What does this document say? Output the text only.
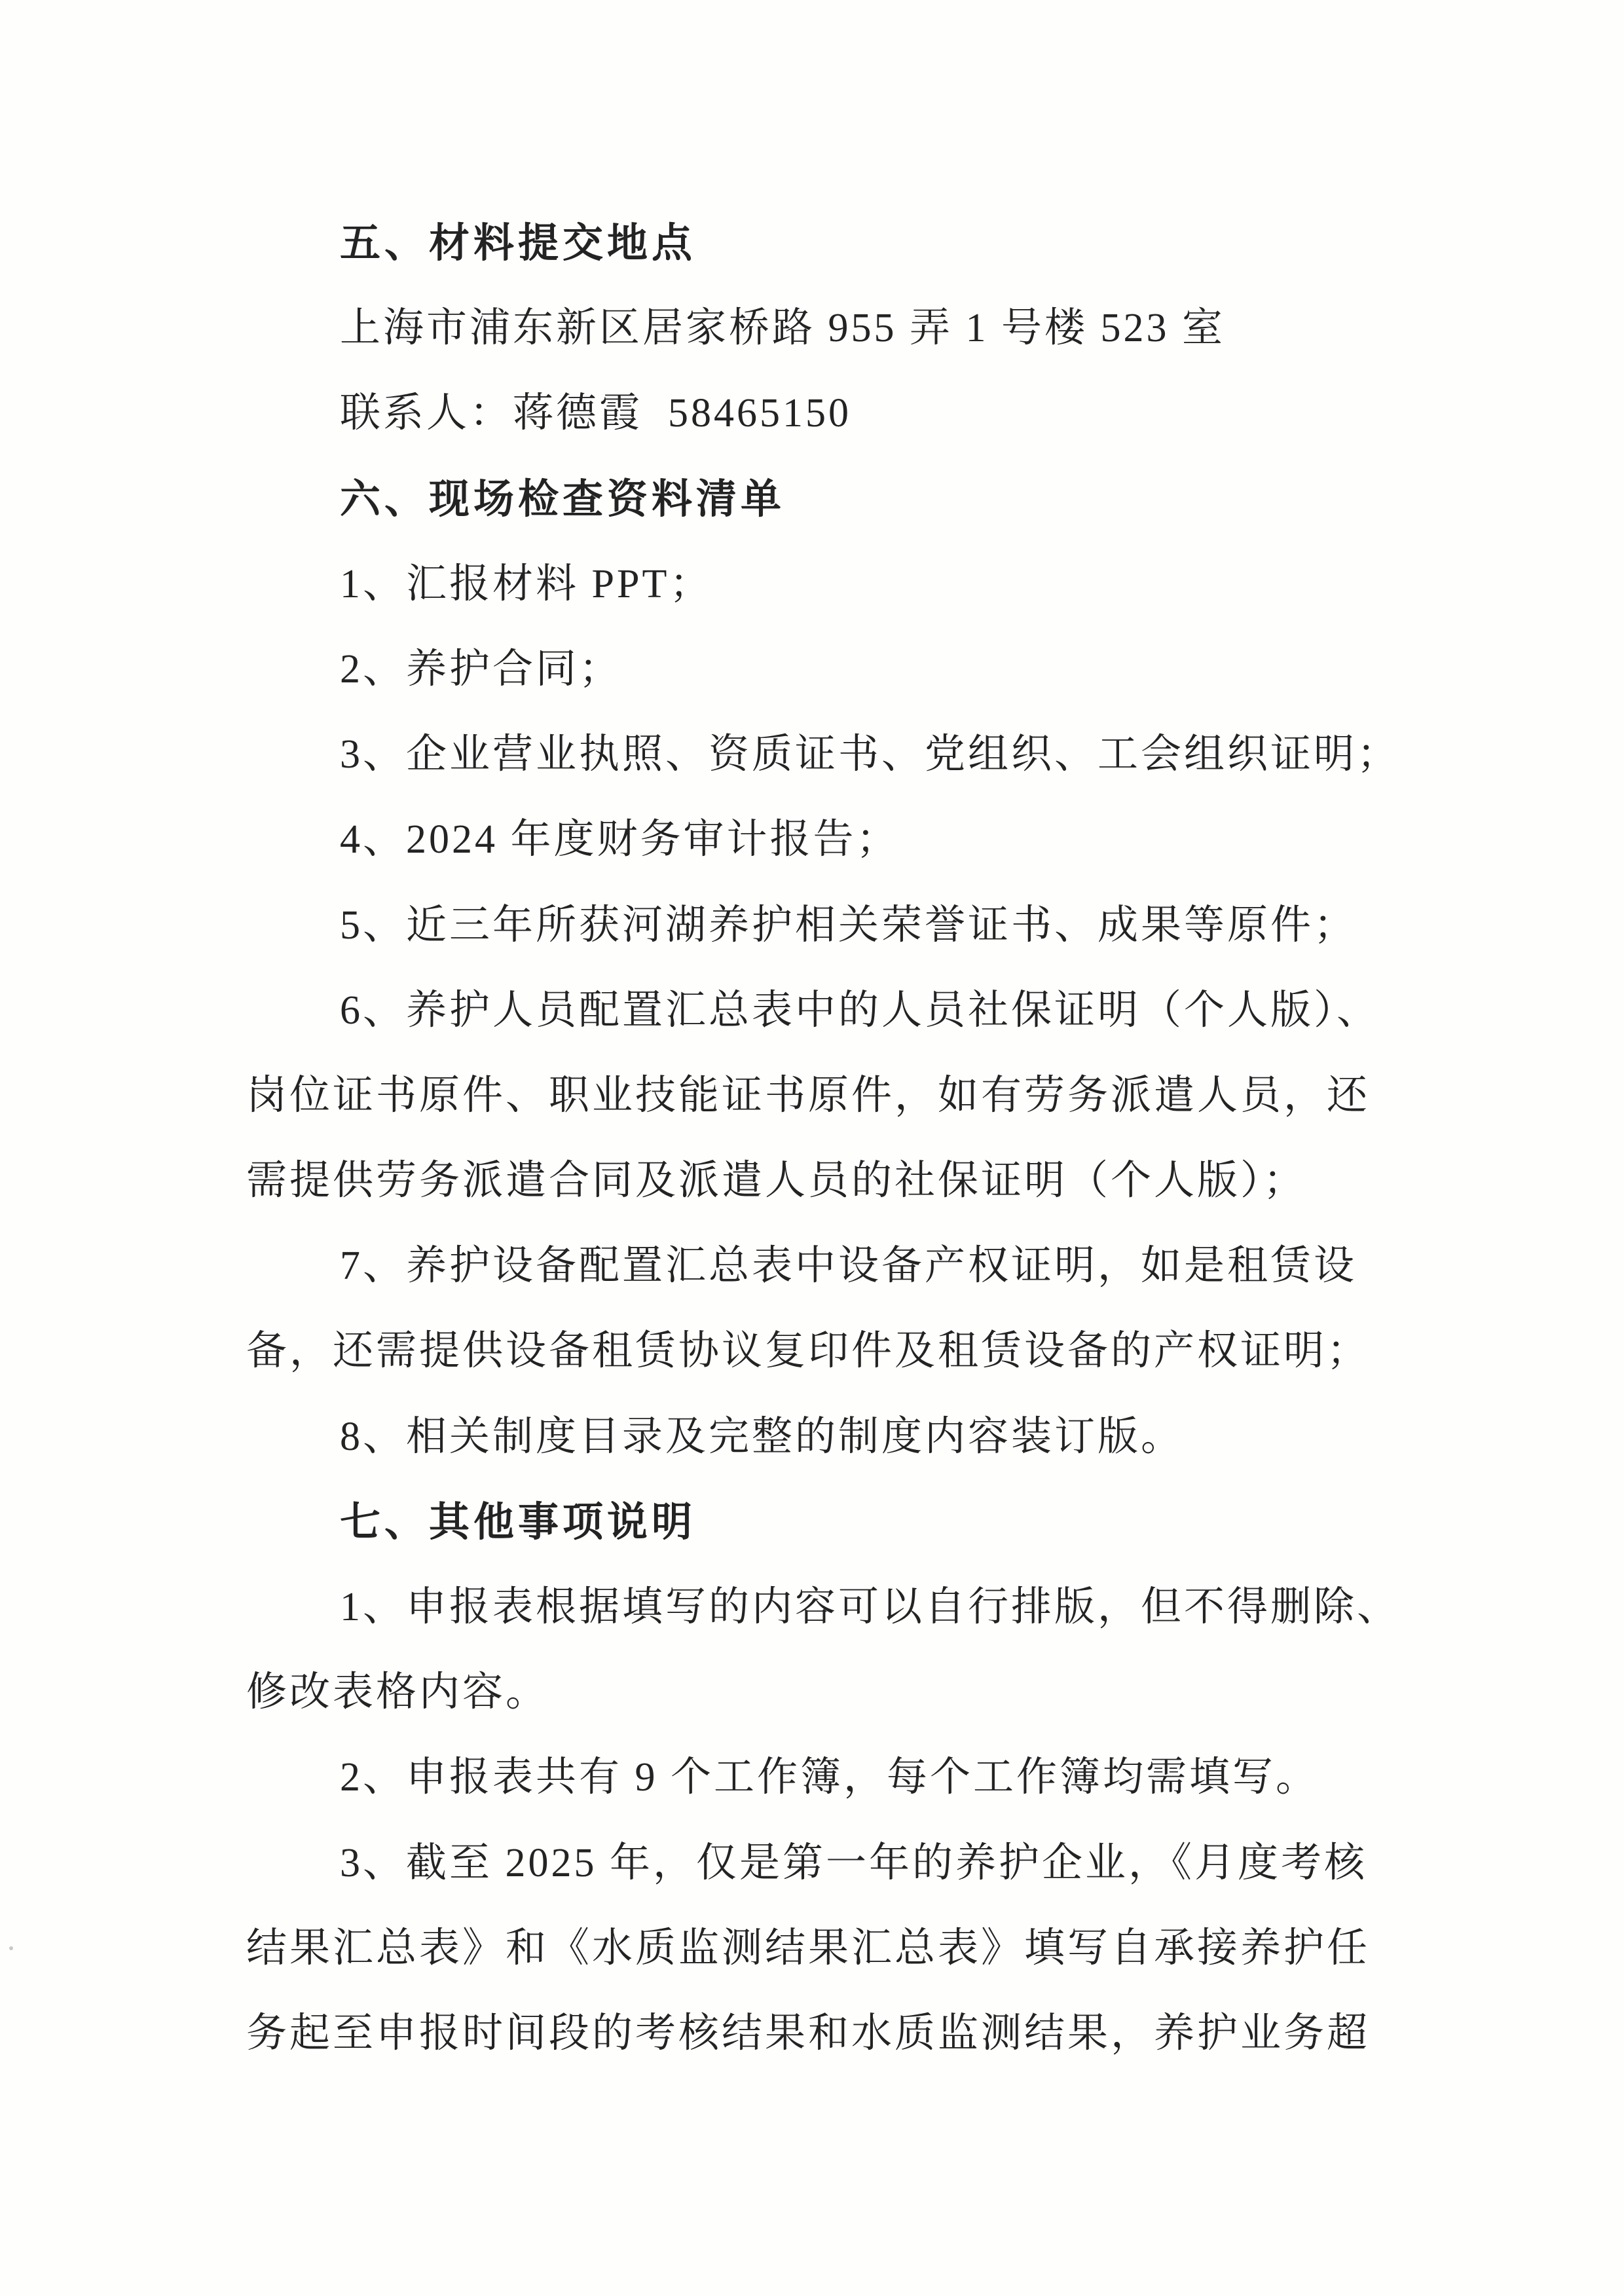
五、材料提交地点
上海市浦东新区居家桥路 955 弄 1 号楼 523 室
联系人：蒋德霞  58465150
六、现场检查资料清单
1、汇报材料 PPT；
2、养护合同；
3、企业营业执照、资质证书、党组织、工会组织证明；
4、2024 年度财务审计报告；
5、近三年所获河湖养护相关荣誉证书、成果等原件；
6、养护人员配置汇总表中的人员社保证明（个人版）、
岗位证书原件、职业技能证书原件，如有劳务派遣人员，还
需提供劳务派遣合同及派遣人员的社保证明（个人版）；
7、养护设备配置汇总表中设备产权证明，如是租赁设
备，还需提供设备租赁协议复印件及租赁设备的产权证明；
8、相关制度目录及完整的制度内容装订版。
七、其他事项说明
1、申报表根据填写的内容可以自行排版，但不得删除、
修改表格内容。
2、申报表共有 9 个工作簿，每个工作簿均需填写。
3、截至 2025 年，仅是第一年的养护企业，《月度考核
结果汇总表》和《水质监测结果汇总表》填写自承接养护任
务起至申报时间段的考核结果和水质监测结果，养护业务超
